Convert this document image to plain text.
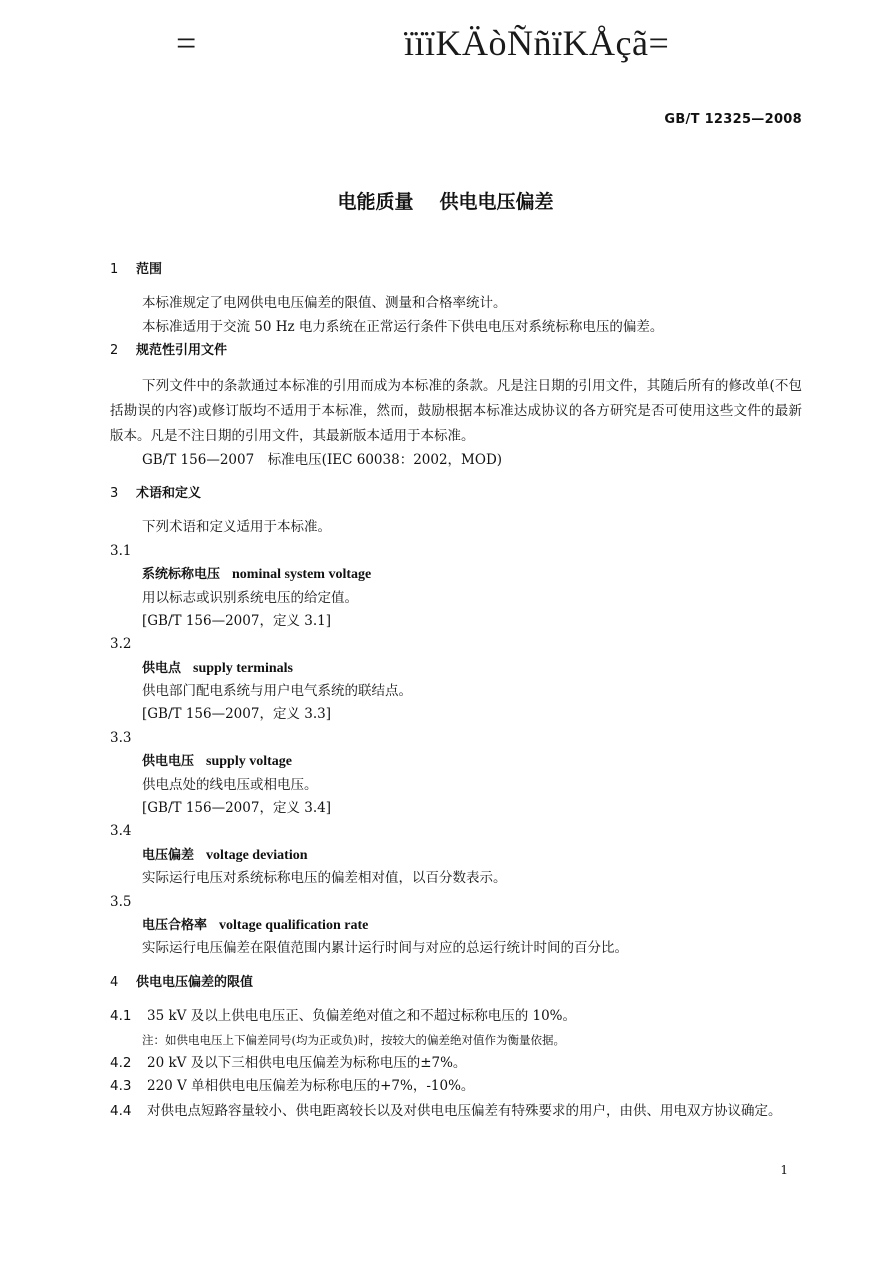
=	ïïïKÄòÑñïKÅçã=
GB/T 12325—2008
电能质量 供电电压偏差
1 范围
本标准规定了电网供电电压偏差的限值、测量和合格率统计。
本标准适用于交流 50 Hz 电力系统在正常运行条件下供电电压对系统标称电压的偏差。
2 规范性引用文件
下列文件中的条款通过本标准的引用而成为本标准的条款。凡是注日期的引用文件，其随后所有的修改单(不包括勘误的内容)或修订版均不适用于本标准，然而，鼓励根据本标准达成协议的各方研究是否可使用这些文件的最新版本。凡是不注日期的引用文件，其最新版本适用于本标准。
GB/T 156—2007　标准电压(IEC 60038：2002，MOD)
3 术语和定义
下列术语和定义适用于本标准。
3.1
系统标称电压 nominal system voltage
用以标志或识别系统电压的给定值。
[GB/T 156—2007，定义 3.1]
3.2
供电点 supply terminals
供电部门配电系统与用户电气系统的联结点。
[GB/T 156—2007，定义 3.3]
3.3
供电电压 supply voltage
供电点处的线电压或相电压。
[GB/T 156—2007，定义 3.4]
3.4
电压偏差 voltage deviation
实际运行电压对系统标称电压的偏差相对值，以百分数表示。
3.5
电压合格率 voltage qualification rate
实际运行电压偏差在限值范围内累计运行时间与对应的总运行统计时间的百分比。
4 供电电压偏差的限值
4.1 35 kV 及以上供电电压正、负偏差绝对值之和不超过标称电压的 10%。
注：如供电电压上下偏差同号(均为正或负)时，按较大的偏差绝对值作为衡量依据。
4.2 20 kV 及以下三相供电电压偏差为标称电压的±7%。
4.3 220 V 单相供电电压偏差为标称电压的+7%，-10%。
4.4 对供电点短路容量较小、供电距离较长以及对供电电压偏差有特殊要求的用户，由供、用电双方协议确定。
1
